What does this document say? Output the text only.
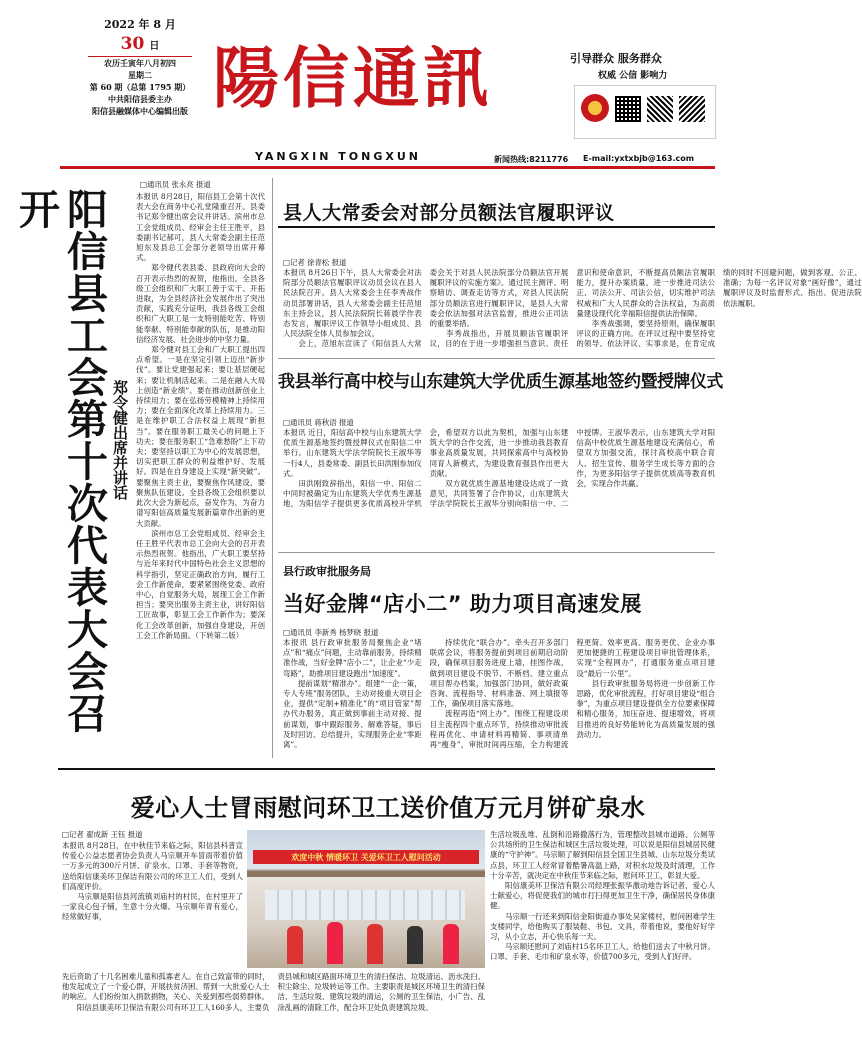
2022 年 8 月
30 日
农历壬寅年八月初四
星期二
第 60 期（总第 1795 期）
中共阳信县委主办
阳信县融媒体中心编辑出版 陽信通訊
YANGXIN TONGXUN
引导群众 服务群众
权威 公信 影响力
新闻热线:8211776 E-mail:yxtxbjb@163.com
阳信县工会第十次代表大会召开
郑令健出席并讲话
□通讯员 张永亮 报道
本报讯 8月28日，阳信县工会第十次代表大会在商务中心礼堂隆重召开。县委书记郑令健出席会议并讲话。滨州市总工会党组成员、经审会主任王胜平，县委副书记郝可，县人大常委会副主任范旭东及县总工会部分老领导出席开幕式。
　　郑令健代表县委、县政府向大会的召开表示热烈的祝贺，他指出，全县各级工会组织和广大职工善于实干、开拓进取，为全县经济社会发展作出了突出贡献，实践充分证明，我县各级工会组织和广大职工是一支特别能吃苦、特别能奉献、特别能奉献的队伍，是推动阳信经济发展、社会进步的中坚力量。
　　郑令健对县工会和广大职工提出四点希望。一是在坚定引领上迈出“新步伐”。要让党建强起来；要让基层硬起来；要让机制活起来。二是在融入大局上创造“新业绩”。要在推动创新创业上持续用力；要在弘扬劳模精神上持续用力；要在全面深化改革上持续用力。三是在维护职工合法权益上展现“新担当”。要在服务职工最关心的问题上下功夫；要在服务职工“急难愁盼”上下功夫；要坚持以职工为中心的发展思想，切实把职工群众的利益维护好、发展好。四是在自身建设上实现“新突破”。要聚焦主责主业，要聚焦作风建设，要聚焦队伍建设。全县各级工会组织要以此次大会为新起点，奋发作为，为奋力谱写阳信高质量发展新篇章作出新的更大贡献。
　　滨州市总工会党组成员、经审会主任王胜平代表市总工会向大会的召开表示热烈祝贺。他指出，广大职工要坚持与近年来时代中国特色社会主义思想的科学指引，坚定正确政治方向，履行工会工作新使命，要紧紧围绕党委、政府中心，自觉服务大局，展现工会工作新担当；要突出服务主责主业，讲好阳信工匠故事，彰显工会工作新作为；要深化工会改革创新，加强自身建设，开创工会工作新局面。（下转第二版）
县人大常委会对部分员额法官履职评议
□记者 徐青松 报道
本报讯 8月26日下午，县人大常委会对法院部分员额法官履职评议动员会议在县人民法院召开。县人大常委会主任李秀战作动员部署讲话，县人大常委会副主任范旭东主持会议，县人民法院院长蒋晨学作表态发言，履职评议工作领导小组成员、县人民法院全体人员参加会议。
　　会上，范旭东宣读了《阳信县人大常委会关于对县人民法院部分员额法官开展履职评议的实施方案》。通过民主测评、明察暗访、调查走访等方式，对县人民法院部分员额法官进行履职评议，是县人大常委会依法加强对法官监督，推进公正司法的重要举措。
　　李秀战指出，开展员额法官履职评议，目的在于进一步增强担当意识、责任意识和使命意识，不断提高员额法官履职能力，提升办案质量，进一步推进司法公正、司法公开、司法公信，切实维护司法权威和广大人民群众的合法权益，为高质量建设现代化幸福阳信提供法治保障。
　　李秀战强调，要坚持原则，确保履职评议的正确方向。在评议过程中要坚持党的领导、依法评议、实事求是，在肯定成绩的同时不回避问题，做到客观、公正、准确；为每一名评议对象“画好像”，通过履职评议及时监督形式、指出、促进法院依法履职。
我县举行高中校与山东建筑大学优质生源基地签约暨授牌仪式
□通讯员 蒋秋语 报道
本报讯 近日，阳信高中校与山东建筑大学优质生源基地签约暨授牌仪式在阳信二中举行。山东建筑大学法学院院长王淑华等一行4人，县委常委、副县长田洪刚参加仪式。
　　田洪刚致辞指出，阳信一中、阳信二中同时被确定为山东建筑大学优秀生源基地，为阳信学子提供更多优质高校升学机会，希望双方以此为契机，加强与山东建筑大学的合作交流，进一步推动我县教育事业高质量发展，共同探索高中与高校协同育人新模式，为建设教育强县作出更大贡献。
　　双方就优质生源基地建设达成了一致意见，共同签署了合作协议，山东建筑大学法学院院长王淑华分别向阳信一中、二中授牌。王淑华表示，山东建筑大学对阳信高中校优质生源基地建设充满信心，希望双方加强交流，探讨高校高中联合育人、招生宣传、服务学生成长等方面的合作，为更多阳信学子提供优质高等教育机会，实现合作共赢。
县行政审批服务局
当好金牌“店小二” 助力项目高速发展
□通讯员 李新秀 杨梦晓 报道
本报讯 县行政审批服务局聚焦企业“堵点”和“痛点”问题，主动靠前服务，持续精准作战，当好金牌“店小二”，让企业“少走弯路”，助推项目建设跑出“加速度”。
　　提前谋划“精准办”。组建“一企一策，专人专班”服务团队，主动对接重大项目企业，提供“定制+精准化”的“项目管家”帮办代办服务，真正做到事前主动对接、提前谋划，事中跟踪服务、解难答疑，事后及时回访、总结提升，实现服务企业“零距离”。
　　持续优化“联合办”。牵头召开多部门联席会议，将服务提前到项目前期启动阶段，确保项目服务进度上墙，挂图作战，做到项目建设不脱节、不断档。建立重点项目帮办档案，加强部门协同，做好政策咨询、流程指导、材料准备、网上填报等工作，确保项目落实落地。
　　流程再造“网上办”。围绕工程建设项目主流程四个重点环节，持续推动审批流程再优化、申请材料再精简、事项清单再“瘦身”，审批时间再压缩，全力构建流程更简、效率更高、服务更优、企业办事更加便捷的工程建设项目审批管理体系，实现“全程网办”，打通服务重点项目建设“最后一公里”。
　　县行政审批服务局将进一步创新工作思路，优化审批流程，打好项目建设“组合拳”，为重点项目建设提供全方位要素保障和精心服务，加压奋进、提速增效，将项目推进的良好势能转化为高质量发展的强劲动力。
爱心人士冒雨慰问环卫工送价值万元月饼矿泉水
□记者 翟成新 王钰 报道
欢度中秋 情暖环卫 关爱环卫工人慰问活动
本报讯 8月28日，在中秋佳节来临之际，阳信县科普宣传爱心公益志愿者协会负责人马宗顺开车冒雨带着价值一万多元的300斤月饼、矿泉水、口罩、手套等物资，送给阳信康美环卫保洁有限公司的环卫工人们，受到人们高度评价。
　　马宗顺是阳信县河流镇刘庙村的村民，在村里开了一家良心包子铺，生意十分火爆。马宗顺年青有爱心，经常做好事，
生活垃圾乱堆、乱倒和沿路撒落行为，管理整改县城市道路、公厕等公共场所的卫生保洁和城区生活垃圾处理，可以说是阳信县城居民健康的“守护神”。马宗顺了解到阳信县全国卫生县城、山东垃圾分类试点县，环卫工人经常冒着酷暑高温上路，对积水垃圾及时清理，工作十分辛苦，就决定在中秋佳节来临之际，慰问环卫工，彰显大爱。
　　阳信康美环卫保洁有限公司经理张振华激动地告诉记者，爱心人士献爱心，将促使我们的城市打扫得更加卫生干净，确保居民身体康健。
　　马宗顺一行还来到阳信金阳街道办事处吴家楼村，慰问困难学生支楼同学，给他购买了服装鞋、书包、文具，带着他说，要他好好学习，从小立志，开心快乐每一天。
　　马宗顺还慰问了刘庙村15名环卫工人，给他们送去了中秋月饼、口罩、手套、毛巾和矿泉水等，价值700多元，受到人们好评。
先后资助了十几名困难儿童和孤寡老人。在自己致富带的同时，他发起成立了一个爱心群，开展扶贫济困、帮到一大批爱心人士的响应。人们纷纷加入捐款捐物，关心、关爱到那些弱势群体。
　　阳信县康美环卫保洁有限公司有环卫工人160多人，主要负责县城和城区路面环境卫生的清扫保洁、垃圾清运、沥水洗扫、积尘除尘、垃圾转运等工作。主要职责是城区环境卫生的清扫保洁、生活垃圾、建筑垃圾的清运，公厕的卫生保洁，小广告、乱涂乱画的清除工作，配合环卫处负责建筑垃圾、
